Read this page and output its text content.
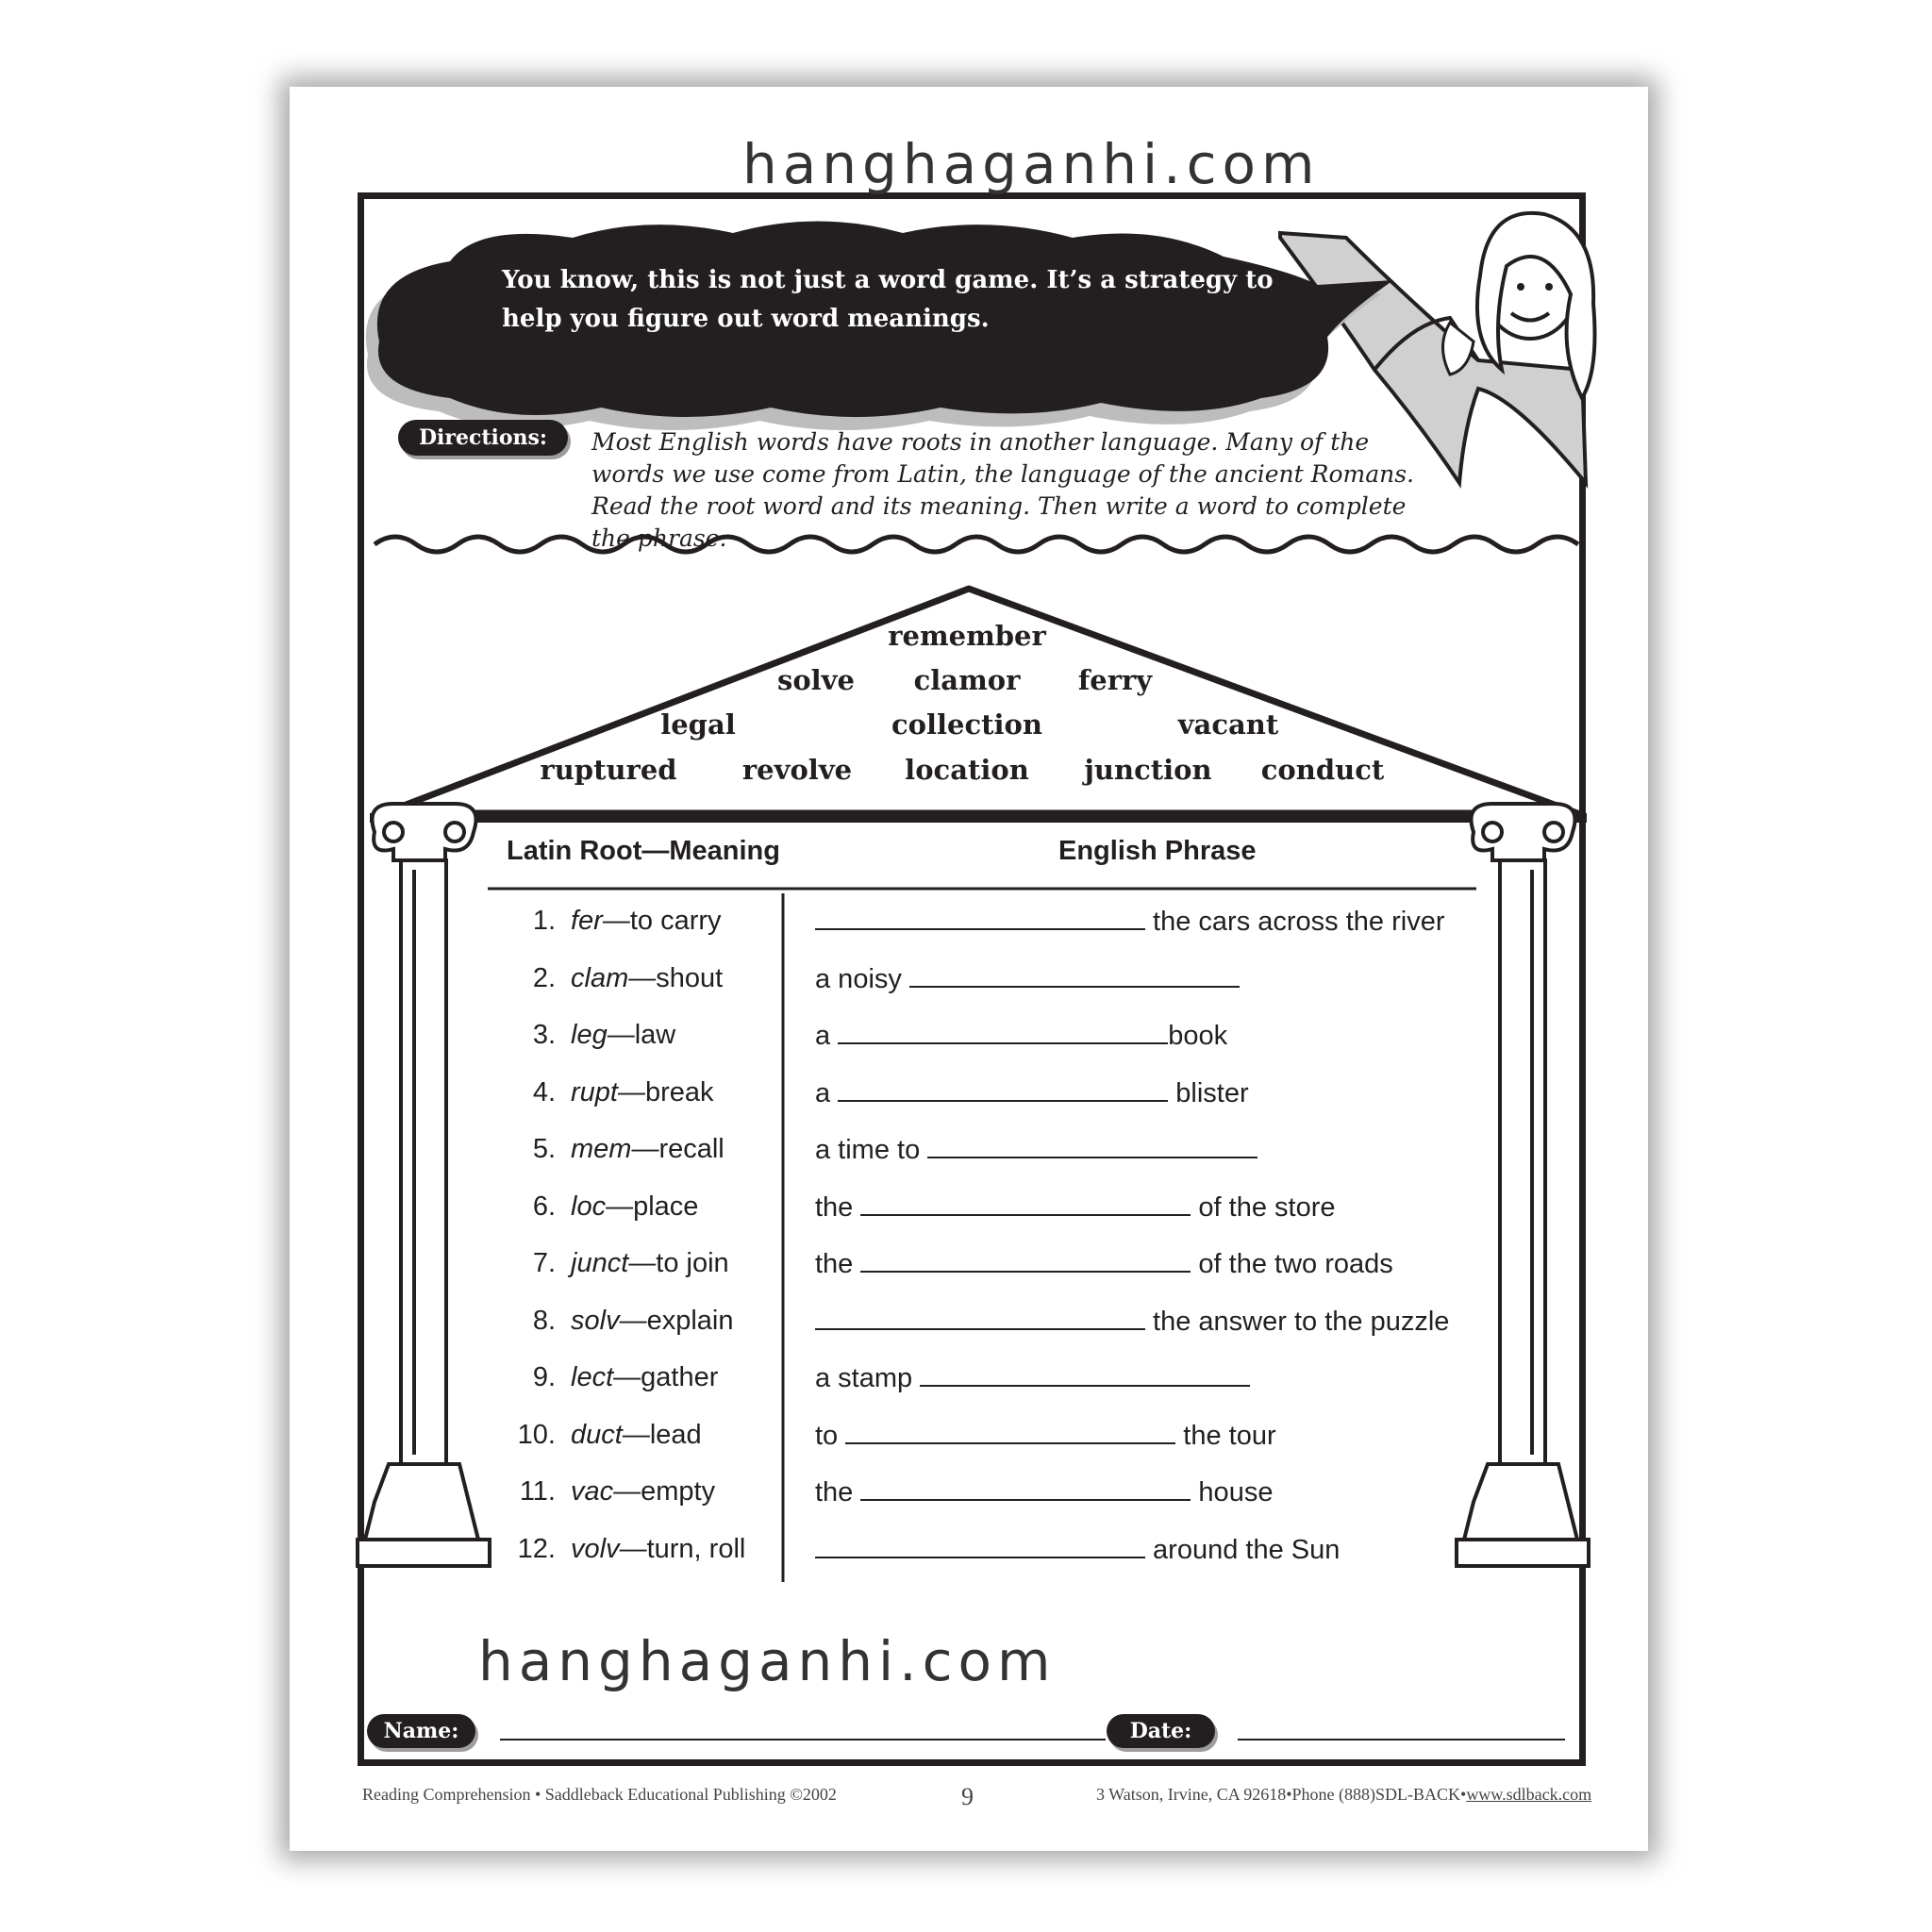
hanghaganhi.com
You know, this is not just a word game. It’s a strategy to help you figure out word meanings.
Directions:	Most English words have roots in another language. Many of the words we use come from Latin, the language of the ancient Romans. Read the root word and its meaning. Then write a word to complete the phrase.
remember
solve clamor ferry
legal	collection	vacant
ruptured revolve location junction conduct
Latin Root—Meaning	English Phrase
1. fer—to carry	the cars across the river
2. clam—shout	a noisy
3. leg—law	a	book
4. rupt—break	a	blister
5. mem—recall	a time to
6. loc—place	the	of the store
7. junct—to join	the	of the two roads
8. solv—explain	the answer to the puzzle
9. lect—gather	a stamp
10. duct—lead	to	the tour
11. vac—empty	the	house
12. volv—turn, roll	around the Sun
hanghaganhi.com
Name:	Date:
Reading Comprehension • Saddleback Educational Publishing ©2002	9	3 Watson, Irvine, CA 92618•Phone (888)SDL-BACK•www.sdlback.com
